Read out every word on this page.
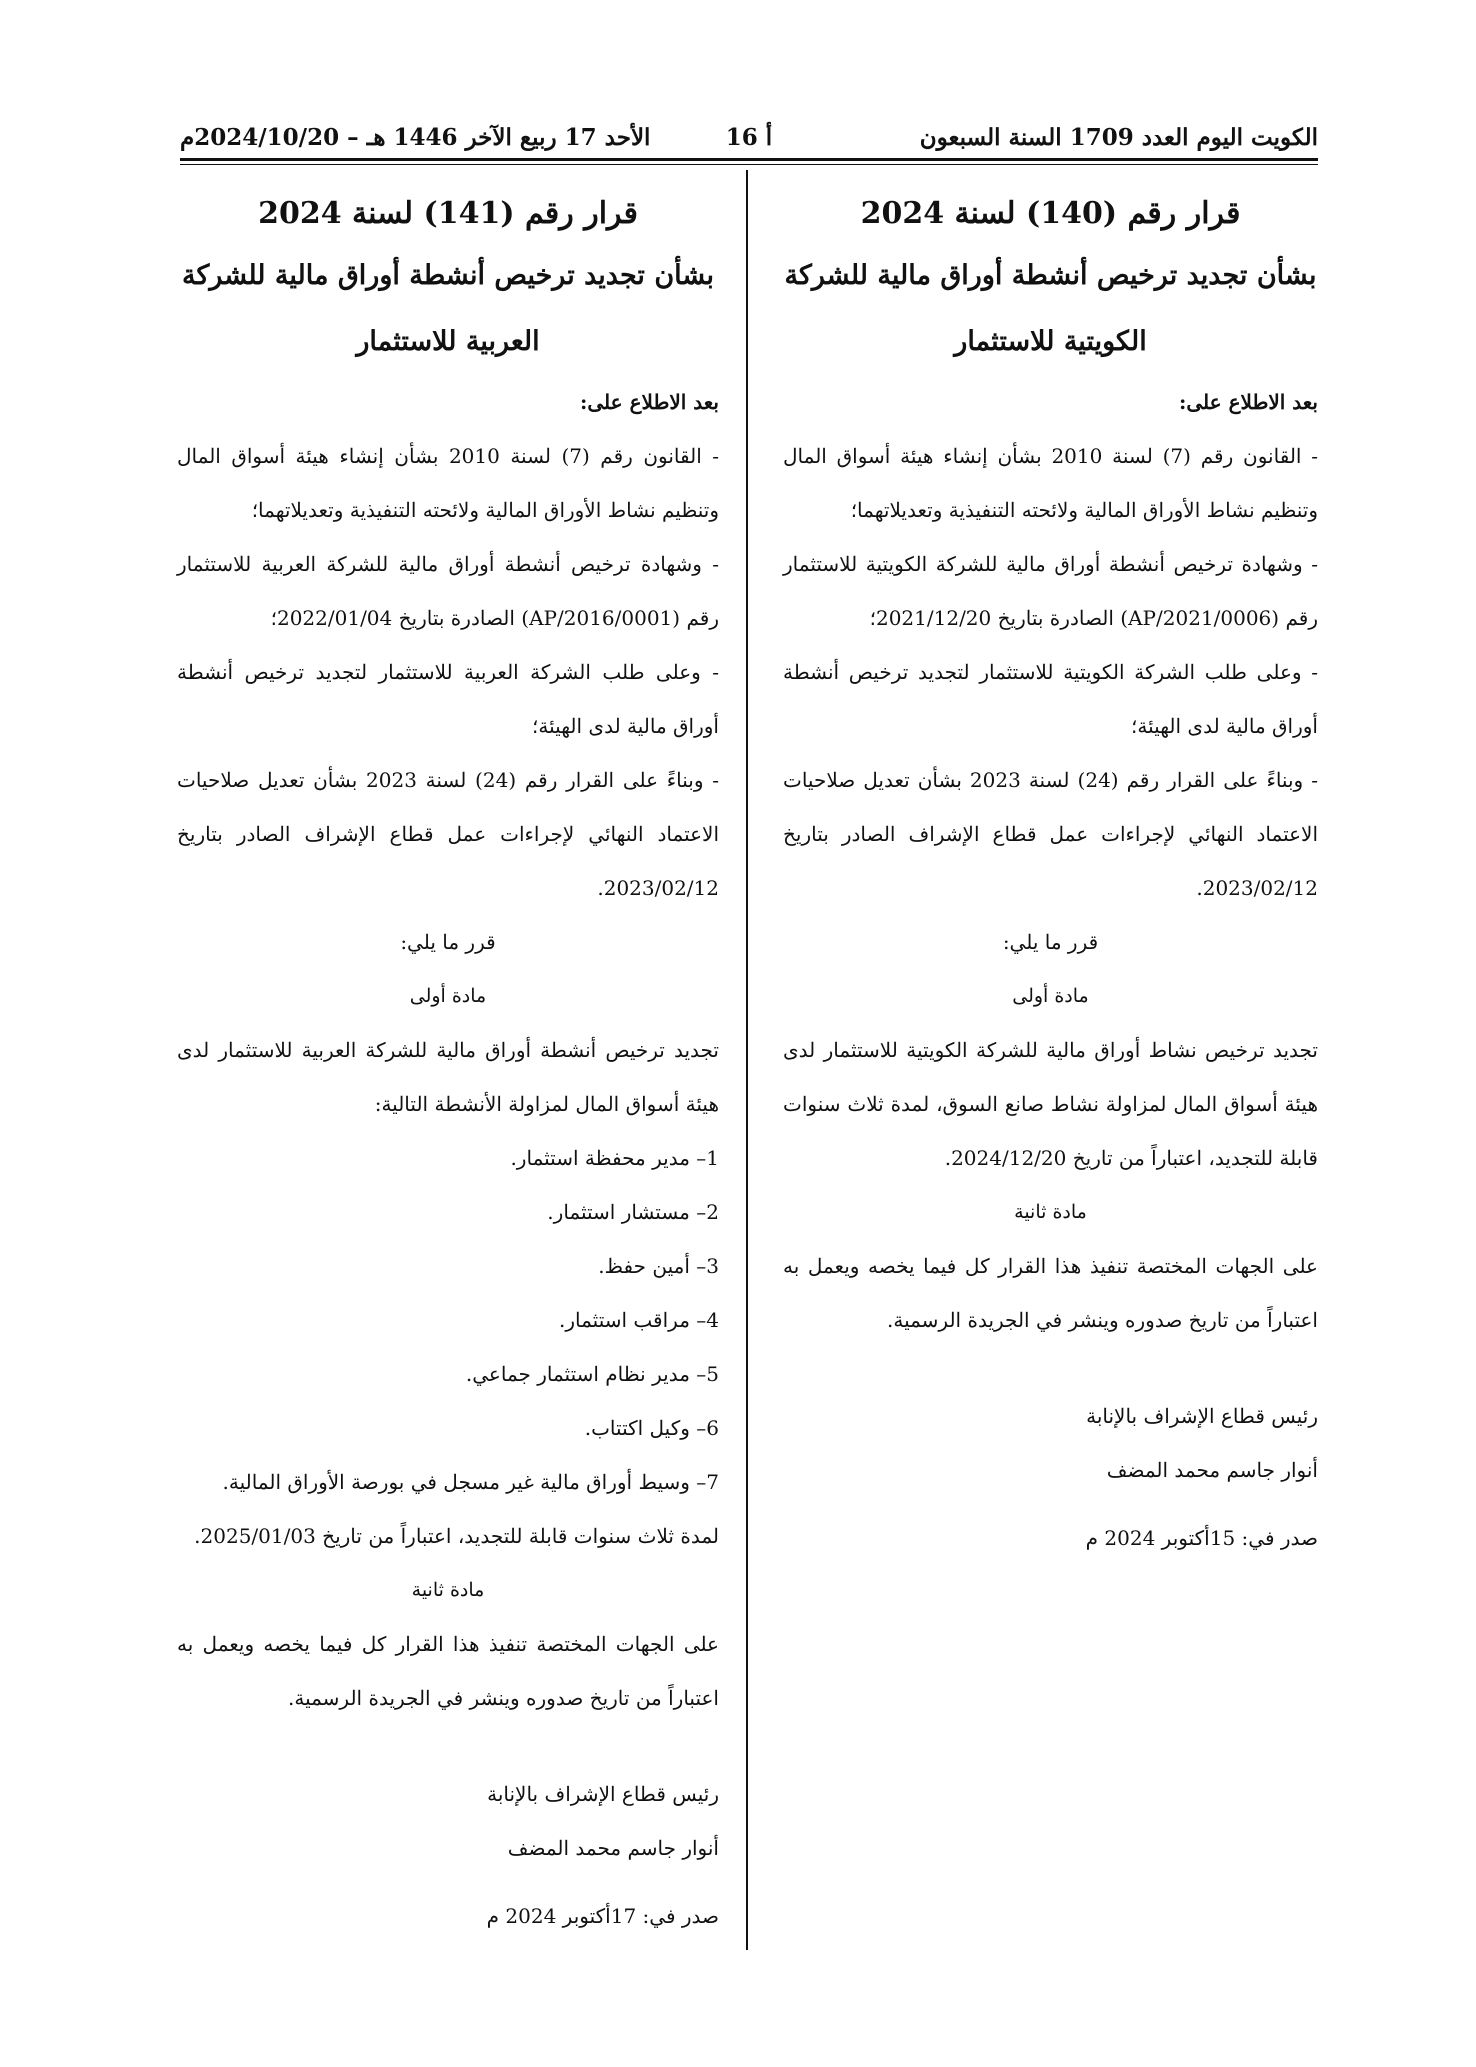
الكويت اليوم العدد 1709 السنة السبعون
أ 16
الأحد 17 ربيع الآخر 1446 هـ – 2024/10/20م

قرار رقم (140) لسنة 2024

بشأن تجديد ترخيص أنشطة أوراق مالية للشركة

الكويتية للاستثمار

بعد الاطلاع على:

- القانون رقم (7) لسنة 2010 بشأن إنشاء هيئة أسواق المال وتنظيم نشاط الأوراق المالية ولائحته التنفيذية وتعديلاتهما؛

- وشهادة ترخيص أنشطة أوراق مالية للشركة الكويتية للاستثمار رقم (AP/2021/0006) الصادرة بتاريخ 2021/12/20؛

- وعلى طلب الشركة الكويتية للاستثمار لتجديد ترخيص أنشطة أوراق مالية لدى الهيئة؛

- وبناءً على القرار رقم (24) لسنة 2023 بشأن تعديل صلاحيات الاعتماد النهائي لإجراءات عمل قطاع الإشراف الصادر بتاريخ 2023/02/12.

قرر ما يلي:

مادة أولى

تجديد ترخيص نشاط أوراق مالية للشركة الكويتية للاستثمار لدى هيئة أسواق المال لمزاولة نشاط صانع السوق، لمدة ثلاث سنوات قابلة للتجديد، اعتباراً من تاريخ 2024/12/20.

مادة ثانية

على الجهات المختصة تنفيذ هذا القرار كل فيما يخصه ويعمل به اعتباراً من تاريخ صدوره وينشر في الجريدة الرسمية.

رئيس قطاع الإشراف بالإنابة

أنوار جاسم محمد المضف

صدر في: 15أكتوبر 2024 م

قرار رقم (141) لسنة 2024

بشأن تجديد ترخيص أنشطة أوراق مالية للشركة

العربية للاستثمار

بعد الاطلاع على:

- القانون رقم (7) لسنة 2010 بشأن إنشاء هيئة أسواق المال وتنظيم نشاط الأوراق المالية ولائحته التنفيذية وتعديلاتهما؛

- وشهادة ترخيص أنشطة أوراق مالية للشركة العربية للاستثمار رقم (AP/2016/0001) الصادرة بتاريخ 2022/01/04؛

- وعلى طلب الشركة العربية للاستثمار لتجديد ترخيص أنشطة أوراق مالية لدى الهيئة؛

- وبناءً على القرار رقم (24) لسنة 2023 بشأن تعديل صلاحيات الاعتماد النهائي لإجراءات عمل قطاع الإشراف الصادر بتاريخ 2023/02/12.

قرر ما يلي:

مادة أولى

تجديد ترخيص أنشطة أوراق مالية للشركة العربية للاستثمار لدى هيئة أسواق المال لمزاولة الأنشطة التالية:

1– مدير محفظة استثمار.

2– مستشار استثمار.

3– أمين حفظ.

4– مراقب استثمار.

5– مدير نظام استثمار جماعي.

6– وكيل اكتتاب.

7– وسيط أوراق مالية غير مسجل في بورصة الأوراق المالية.

لمدة ثلاث سنوات قابلة للتجديد، اعتباراً من تاريخ 2025/01/03.

مادة ثانية

على الجهات المختصة تنفيذ هذا القرار كل فيما يخصه ويعمل به اعتباراً من تاريخ صدوره وينشر في الجريدة الرسمية.

رئيس قطاع الإشراف بالإنابة

أنوار جاسم محمد المضف

صدر في: 17أكتوبر 2024 م
